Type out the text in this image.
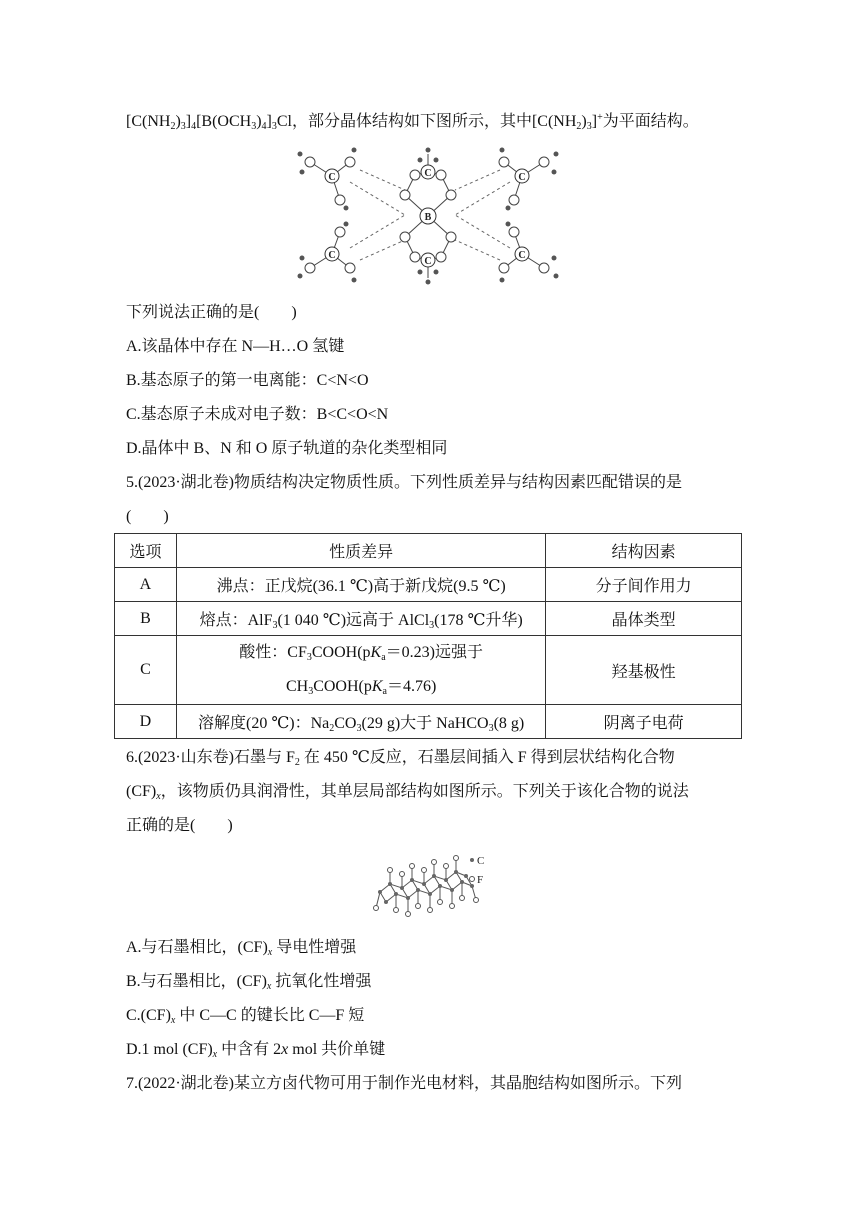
$[C(NH_2)_3]_4[B(OCH_3)_4]_3Cl$，部分晶体结构如下图所示，其中$[C(NH_2)_3]^+$为平面结构。
C
C
C
C
C
C
B
下列说法正确的是(　　)
A.该晶体中存在 N—H…O 氢键
B.基态原子的第一电离能：C<N<O
C.基态原子未成对电子数：B<C<O<N
D.晶体中 B、N 和 O 原子轨道的杂化类型相同
5.(2023·湖北卷)物质结构决定物质性质。下列性质差异与结构因素匹配错误的是
(　　)
选项	性质差异	结构因素
A	沸点：正戊烷(36.1 ℃)高于新戊烷(9.5 ℃)	分子间作用力
B	熔点：AlF$_3$(1 040 ℃)远高于 AlCl$_3$(178 ℃升华)	晶体类型
C	酸性：$CF_3COOH(pK_a=0.23)$远强于
$CH_3COOH(pK_a=4.76)$	羟基极性
D	溶解度(20 ℃)：$Na_2CO_3(29$ g)大于 NaHCO$_3$(8 g)	阴离子电荷
6.(2023·山东卷)石墨与 $F_2$ 在 450 ℃反应，石墨层间插入 F 得到层状结构化合物
$(CF)_x$，该物质仍具润滑性，其单层局部结构如图所示。下列关于该化合物的说法
正确的是(　　)
C
F
A.与石墨相比，$(CF)_x$ 导电性增强
B.与石墨相比，$(CF)_x$ 抗氧化性增强
$C.(CF)_x$ 中 C—C 的键长比 C—F 短
D.1 mol $(CF)_x$ 中含有 2x mol 共价单键
7.(2022·湖北卷)某立方卤代物可用于制作光电材料，其晶胞结构如图所示。下列
